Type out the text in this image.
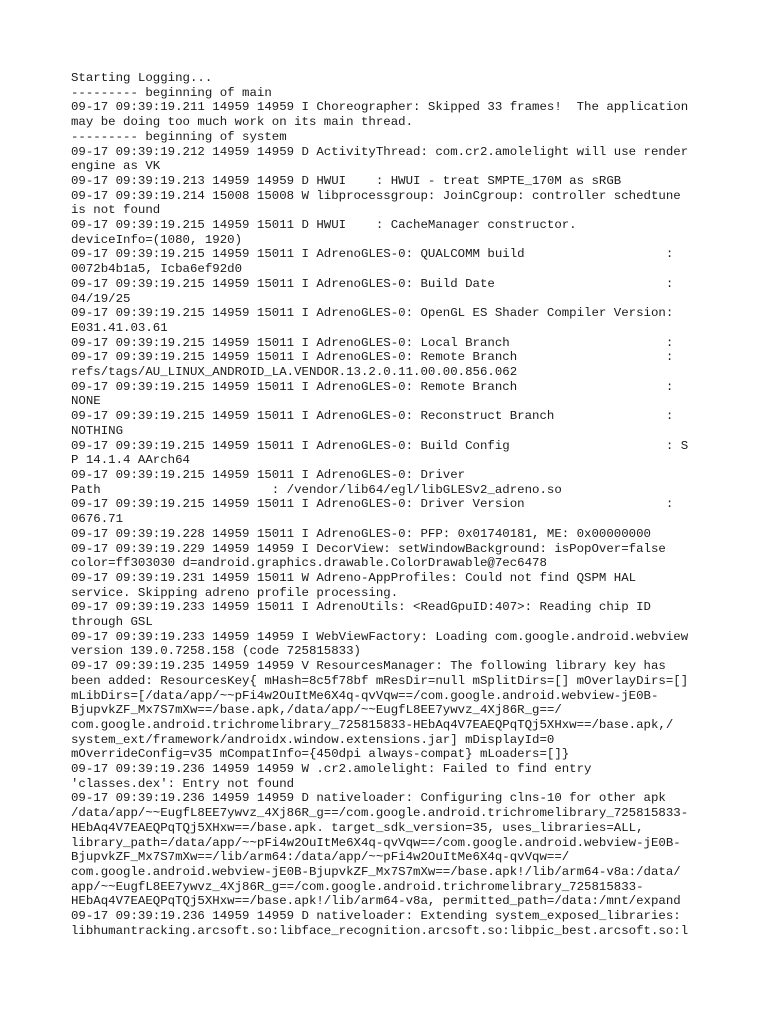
Starting Logging...
--------- beginning of main
09-17 09:39:19.211 14959 14959 I Choreographer: Skipped 33 frames!  The application
may be doing too much work on its main thread.
--------- beginning of system
09-17 09:39:19.212 14959 14959 D ActivityThread: com.cr2.amolelight will use render
engine as VK
09-17 09:39:19.213 14959 14959 D HWUI    : HWUI - treat SMPTE_170M as sRGB
09-17 09:39:19.214 15008 15008 W libprocessgroup: JoinCgroup: controller schedtune
is not found
09-17 09:39:19.215 14959 15011 D HWUI    : CacheManager constructor.
deviceInfo=(1080, 1920)
09-17 09:39:19.215 14959 15011 I AdrenoGLES-0: QUALCOMM build                   :
0072b4b1a5, Icba6ef92d0
09-17 09:39:19.215 14959 15011 I AdrenoGLES-0: Build Date                       :
04/19/25
09-17 09:39:19.215 14959 15011 I AdrenoGLES-0: OpenGL ES Shader Compiler Version:
E031.41.03.61
09-17 09:39:19.215 14959 15011 I AdrenoGLES-0: Local Branch                     :
09-17 09:39:19.215 14959 15011 I AdrenoGLES-0: Remote Branch                    :
refs/tags/AU_LINUX_ANDROID_LA.VENDOR.13.2.0.11.00.00.856.062
09-17 09:39:19.215 14959 15011 I AdrenoGLES-0: Remote Branch                    :
NONE
09-17 09:39:19.215 14959 15011 I AdrenoGLES-0: Reconstruct Branch               :
NOTHING
09-17 09:39:19.215 14959 15011 I AdrenoGLES-0: Build Config                     : S
P 14.1.4 AArch64
09-17 09:39:19.215 14959 15011 I AdrenoGLES-0: Driver
Path                       : /vendor/lib64/egl/libGLESv2_adreno.so
09-17 09:39:19.215 14959 15011 I AdrenoGLES-0: Driver Version                   :
0676.71
09-17 09:39:19.228 14959 15011 I AdrenoGLES-0: PFP: 0x01740181, ME: 0x00000000
09-17 09:39:19.229 14959 14959 I DecorView: setWindowBackground: isPopOver=false
color=ff303030 d=android.graphics.drawable.ColorDrawable@7ec6478
09-17 09:39:19.231 14959 15011 W Adreno-AppProfiles: Could not find QSPM HAL
service. Skipping adreno profile processing.
09-17 09:39:19.233 14959 15011 I AdrenoUtils: <ReadGpuID:407>: Reading chip ID
through GSL
09-17 09:39:19.233 14959 14959 I WebViewFactory: Loading com.google.android.webview
version 139.0.7258.158 (code 725815833)
09-17 09:39:19.235 14959 14959 V ResourcesManager: The following library key has
been added: ResourcesKey{ mHash=8c5f78bf mResDir=null mSplitDirs=[] mOverlayDirs=[]
mLibDirs=[/data/app/~~pFi4w2OuItMe6X4q-qvVqw==/com.google.android.webview-jE0B-
BjupvkZF_Mx7S7mXw==/base.apk,/data/app/~~EugfL8EE7ywvz_4Xj86R_g==/
com.google.android.trichromelibrary_725815833-HEbAq4V7EAEQPqTQj5XHxw==/base.apk,/
system_ext/framework/androidx.window.extensions.jar] mDisplayId=0
mOverrideConfig=v35 mCompatInfo={450dpi always-compat} mLoaders=[]}
09-17 09:39:19.236 14959 14959 W .cr2.amolelight: Failed to find entry
'classes.dex': Entry not found
09-17 09:39:19.236 14959 14959 D nativeloader: Configuring clns-10 for other apk
/data/app/~~EugfL8EE7ywvz_4Xj86R_g==/com.google.android.trichromelibrary_725815833-
HEbAq4V7EAEQPqTQj5XHxw==/base.apk. target_sdk_version=35, uses_libraries=ALL,
library_path=/data/app/~~pFi4w2OuItMe6X4q-qvVqw==/com.google.android.webview-jE0B-
BjupvkZF_Mx7S7mXw==/lib/arm64:/data/app/~~pFi4w2OuItMe6X4q-qvVqw==/
com.google.android.webview-jE0B-BjupvkZF_Mx7S7mXw==/base.apk!/lib/arm64-v8a:/data/
app/~~EugfL8EE7ywvz_4Xj86R_g==/com.google.android.trichromelibrary_725815833-
HEbAq4V7EAEQPqTQj5XHxw==/base.apk!/lib/arm64-v8a, permitted_path=/data:/mnt/expand
09-17 09:39:19.236 14959 14959 D nativeloader: Extending system_exposed_libraries:
libhumantracking.arcsoft.so:libface_recognition.arcsoft.so:libpic_best.arcsoft.so:l
